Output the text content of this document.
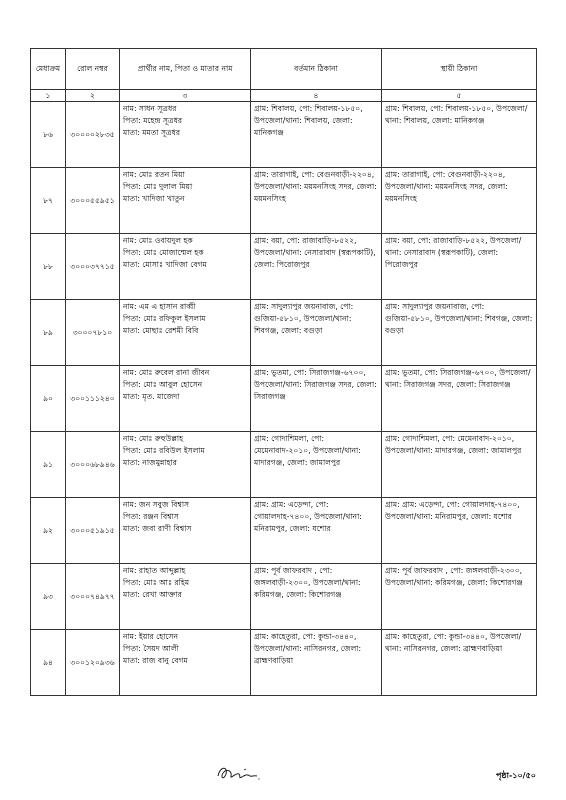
মেধাক্রম	রোল নম্বর	প্রার্থীর নাম, পিতা ও মাতার নাম	বর্তমান ঠিকানা	স্থায়ী ঠিকানা
১	২	৩	৪	৫
৮৬	৩০০০০২৮৩৫	নাম: সাধন সূত্রধর
পিতা: মহেন্দ্র সূত্রধর
মাতা: মমতা সূত্রধর	গ্রাম: শিবালয়, পো: শিবালয়-১৮৫০, উপজেলা/থানা: শিবালয়, জেলা: মানিকগঞ্জ	গ্রাম: শিবালয়, পো: শিবালয়-১৮৫০, উপজেলা/থানা: শিবালয়, জেলা: মানিকগঞ্জ

৮৭	৩০০০৫৫৯৫১	নাম: মোঃ রতন মিয়া
পিতা: মোঃ দুলাল মিয়া
মাতা: খাদিজা খাতুন	গ্রাম: তারাগাই, পো: বেগুনবাড়ী-২২০৪, উপজেলা/থানা: ময়মনসিংহ সদর, জেলা: ময়মনসিংহ	গ্রাম: তারাগাই, পো: বেগুনবাড়ী-২২০৪, উপজেলা/থানা: ময়মনসিংহ সদর, জেলা: ময়মনসিংহ

৮৮	৩০০০৩৭৭১৫	নাম: মোঃ ওবায়দুল হক
পিতা: মোঃ মোজাম্মেল হক
মাতা: মোসাঃ খাদিজা বেগম	গ্রাম: বয়া, পো: রাজাবাড়ি-৮৫২২, উপজেলা/থানা: নেসারাবাদ (স্বরূপকাটি), জেলা: পিরোজপুর	গ্রাম: বয়া, পো: রাজাবাড়ি-৮৫২২, উপজেলা/থানা: নেসারাবাদ (স্বরূপকাটি), জেলা: পিরোজপুর

৮৯	৩০০০৭৮১০	নাম: এম এ হাসান রাব্বী
পিতা: মোঃ রফিকুল ইসলাম
মাতা: মোছাঃ রেশমী বিবি	গ্রাম: সাদুল্যাপুর জয়নাবাজ, পো: গুজিয়া-৫৮১০, উপজেলা/থানা: শিবগঞ্জ, জেলা: বগুড়া	গ্রাম: সাদুল্যাপুর জয়নাবাজ, পো: গুজিয়া-৫৮১০, উপজেলা/থানা: শিবগঞ্জ, জেলা: বগুড়া

৯০	৩০০১১১২৪০	নাম: মোঃ রুবেল রানা জীবন
পিতা: মোঃ আবুল হোসেন
মাতা: মৃত. মাজেদা	গ্রাম: ভুতমা, পো: সিরাজগঞ্জ-৬৭০০, উপজেলা/থানা: সিরাজগঞ্জ সদর, জেলা: সিরাজগঞ্জ	গ্রাম: ভুতমা, পো: সিরাজগঞ্জ-৬৭০০, উপজেলা/থানা: সিরাজগঞ্জ সদর, জেলা: সিরাজগঞ্জ

৯১	৩০০০৬৮৯৪৬	নাম: মোঃ রুহুউল্লাহ
পিতা: মোঃ রবিউল ইসলাম
মাতা: নাজমুন্নাহার	গ্রাম: গোদাশিমলা, পো: মেমেনাবাদ-২০১০, উপজেলা/থানা: মাদারগঞ্জ, জেলা: জামালপুর	গ্রাম: গোদাশিমলা, পো: মেমেনাবাদ-২০১০, উপজেলা/থানা: মাদারগঞ্জ, জেলা: জামালপুর

৯২	৩০০০৫১৯১৫	নাম: জন সবুজ বিশ্বাস
পিতা: রঞ্জন বিশ্বাস
মাতা: জবা রাণী বিশ্বাস	গ্রাম: গ্রাম: এড়েন্দা, পো: গোয়ালদাহ-৭৪০০, উপজেলা/থানা: মনিরামপুর, জেলা: যশোর	গ্রাম: গ্রাম: এড়েন্দা, পো: গোয়ালদাহ-৭৪০০, উপজেলা/থানা: মনিরামপুর, জেলা: যশোর

৯৩	৩০০০৭৪৯৭৭	নাম: রাহাত আব্দুল্লাহ
পিতা: মোঃ আঃ রহিম
মাতা: রেখা আক্তার	গ্রাম: পূর্ব জাফরবাদ , পো: জঙ্গলবাড়ী-২৩০০, উপজেলা/থানা: করিমগঞ্জ, জেলা: কিশোরগঞ্জ	গ্রাম: পূর্ব জাফরবাদ , পো: জঙ্গলবাড়ী-২৩০০, উপজেলা/থানা: করিমগঞ্জ, জেলা: কিশোরগঞ্জ

৯৪	৩০০১২০৯৩৬	নাম: ইয়ার হোসেন
পিতা: সৈয়দ আলী
মাতা: রাজ বানু বেগম	গ্রাম: কাহেতুরা, পো: কুন্ডা-৩৪৪০, উপজেলা/থানা: নাসিরনগর, জেলা: ব্রাহ্মণবাড়িয়া	গ্রাম: কাহেতুরা, পো: কুন্ডা-৩৪৪০, উপজেলা/থানা: নাসিরনগর, জেলা: ব্রাহ্মণবাড়িয়া
পৃষ্ঠা-১০/৫০
